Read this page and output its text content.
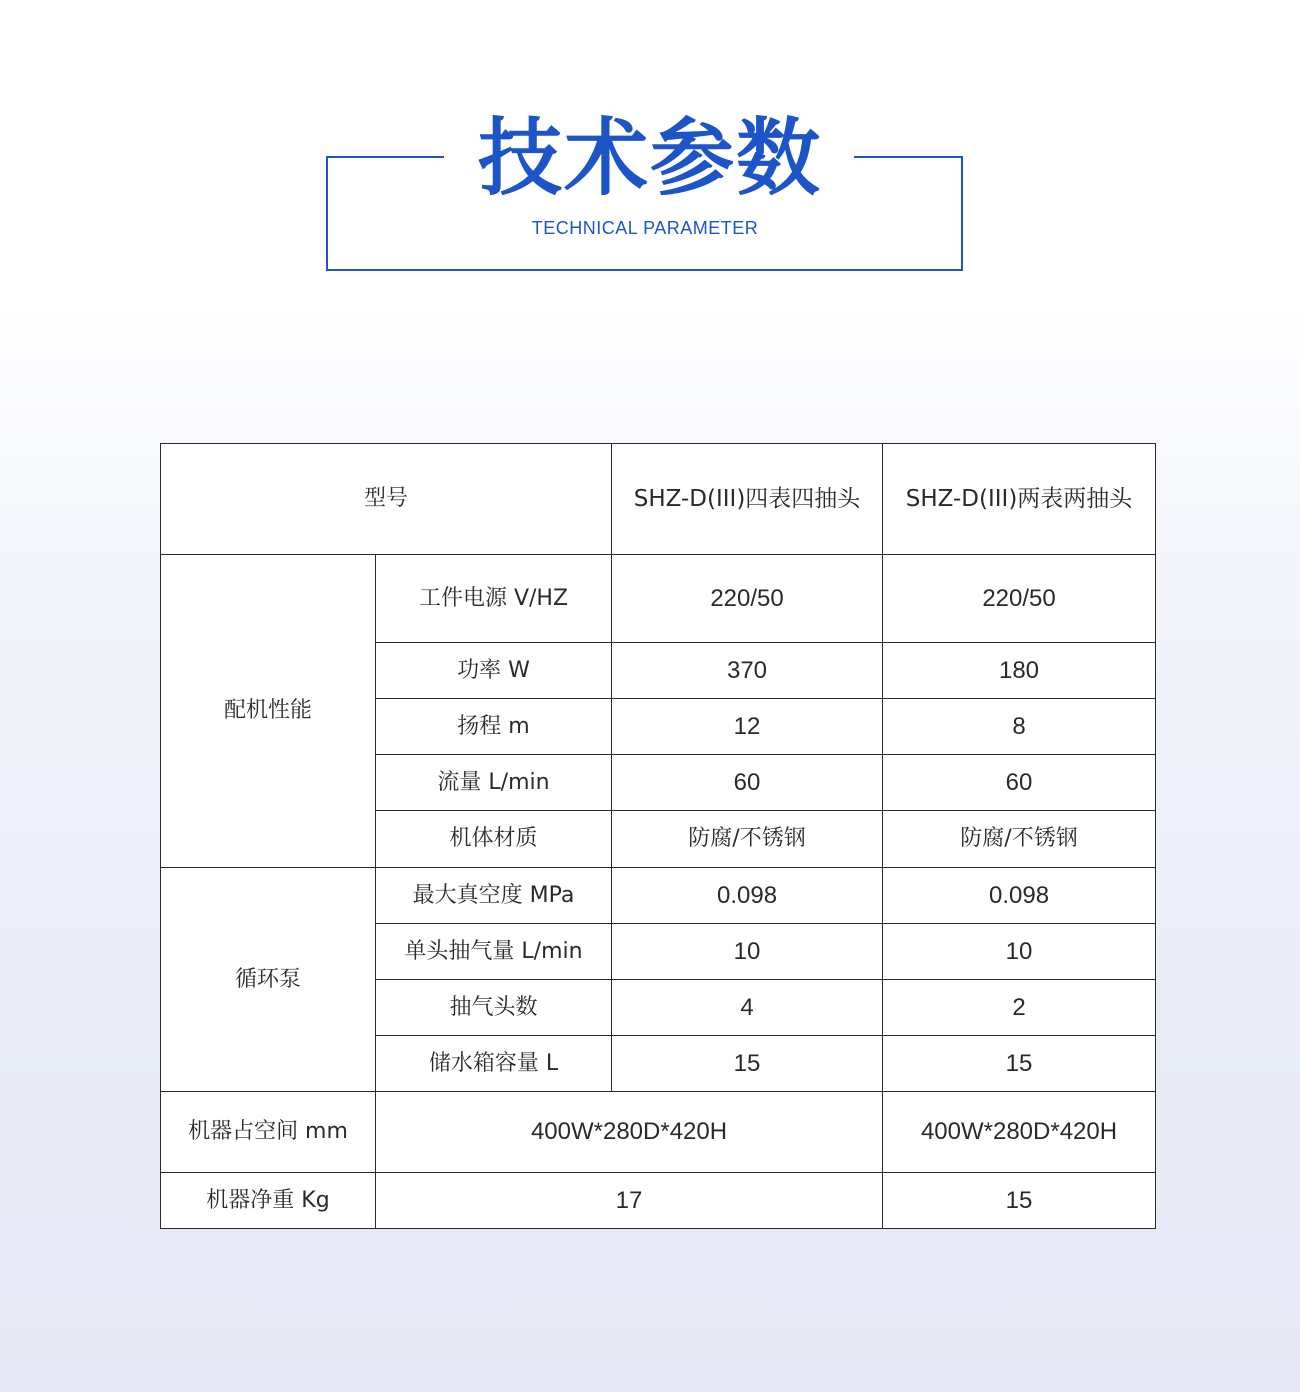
技术参数
TECHNICAL PARAMETER
型号		SHZ-D(III)四表四抽头	SHZ-D(III)两表两抽头
配机性能	工件电源 V/HZ	220/50	220/50
	功率 W	370	180
	扬程 m	12	8
	流量 L/min	60	60
	机体材质	防腐/不锈钢	防腐/不锈钢
循环泵	最大真空度 MPa	0.098	0.098
	单头抽气量 L/min	10	10
	抽气头数	4	2
	储水箱容量 L	15	15
机器占空间 mm	400W*280D*420H		400W*280D*420H
机器净重 Kg	17		15
